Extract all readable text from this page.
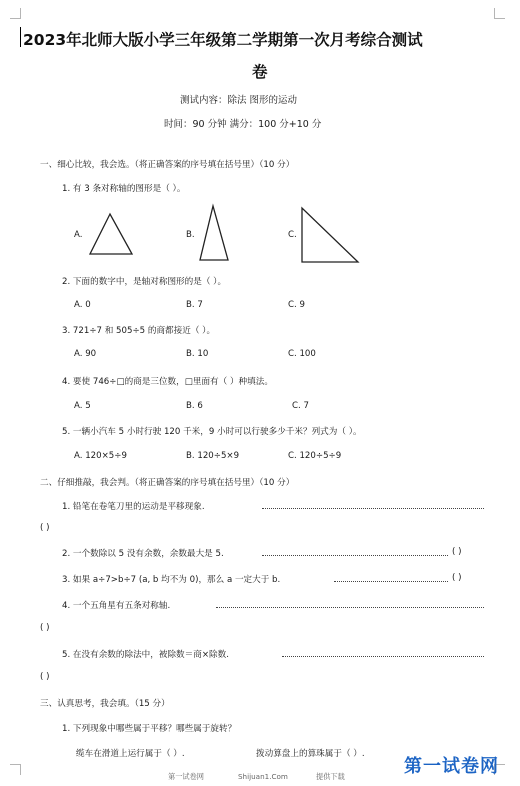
2023年北师大版小学三年级第二学期第一次月考综合测试
卷
测试内容：除法 图形的运动
时间：90 分钟 满分：100 分+10 分
一、细心比较，我会选。（将正确答案的序号填在括号里）（10 分）
1. 有 3 条对称轴的图形是（ ）。
A.	B.	C.
2. 下面的数字中，是轴对称图形的是（ ）。
A. 0	B. 7	C. 9
3. 721÷7 和 505÷5 的商都接近（ ）。
A. 90	B. 10	C. 100
4. 要使 746÷□的商是三位数，□里面有（ ）种填法。
A. 5	B. 6	C. 7
5. 一辆小汽车 5 小时行驶 120 千米，9 小时可以行驶多少千米？列式为（ ）。
A. 120×5÷9	B. 120÷5×9	C. 120÷5÷9
二、仔细推敲，我会判。（将正确答案的序号填在括号里）（10 分）
1. 铅笔在卷笔刀里的运动是平移现象.
( )
2. 一个数除以 5 没有余数，余数最大是 5.	( )
3. 如果 a÷7>b÷7 (a, b 均不为 0)，那么 a 一定大于 b.	( )
4. 一个五角星有五条对称轴.
( )
5. 在没有余数的除法中，被除数＝商×除数.
( )
三、认真思考，我会填。（15 分）
1. 下列现象中哪些属于平移？哪些属于旋转？
缆车在滑道上运行属于（ ）.	拨动算盘上的算珠属于（ ）.
第一试卷网	Shijuan1.Com	提供下载	第一试卷网
